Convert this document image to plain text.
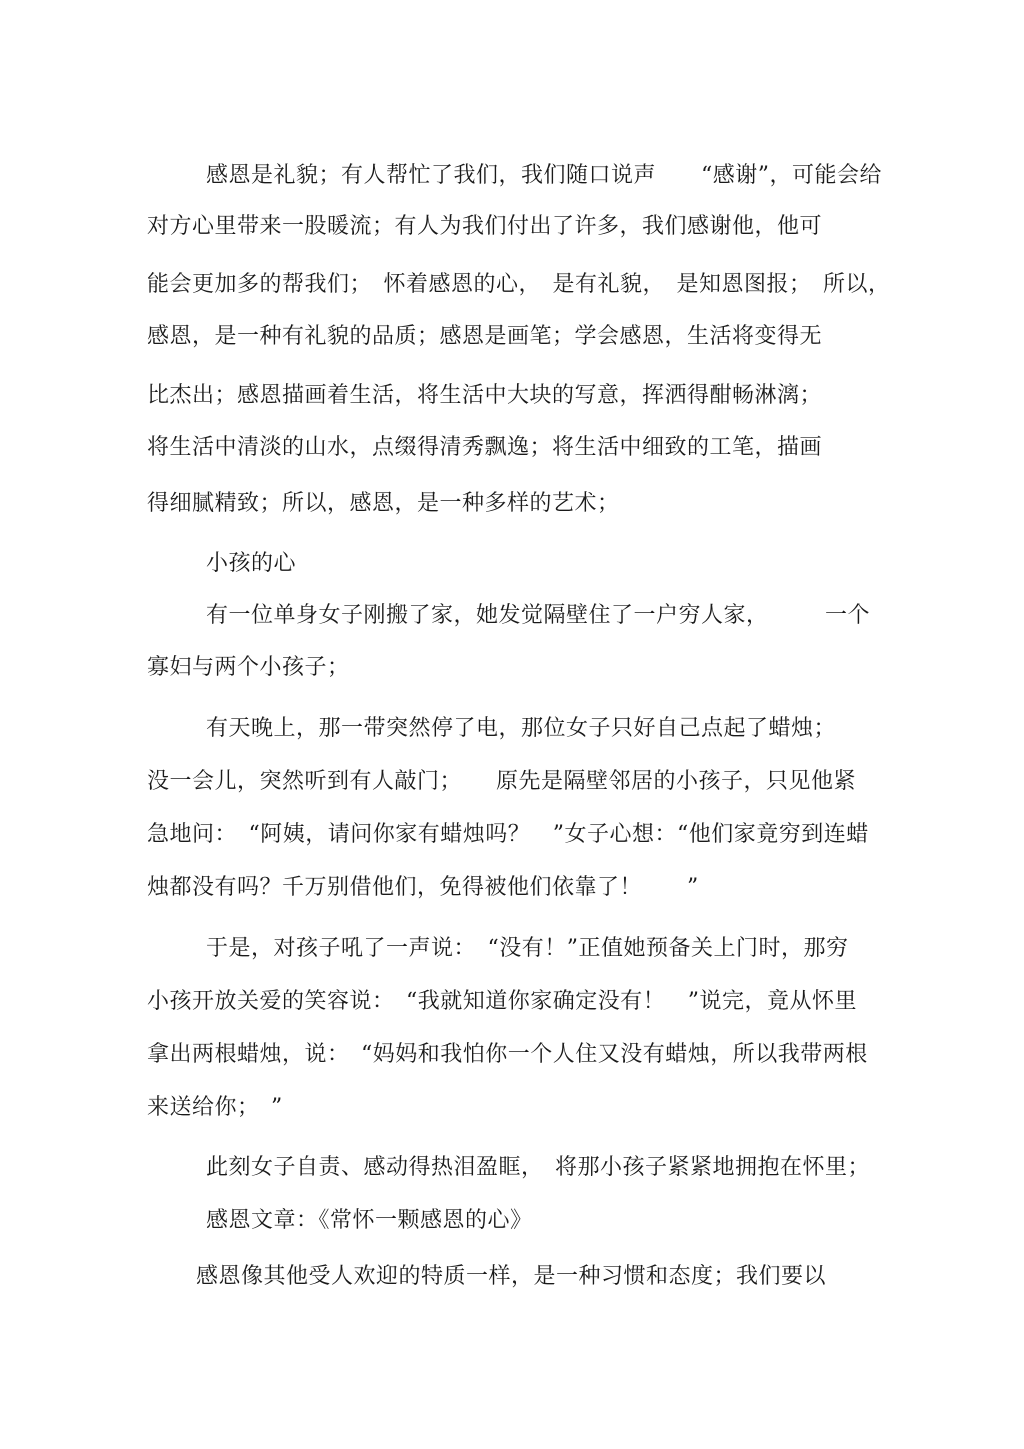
感恩是礼貌；有人帮忙了我们，我们随口说声　　“感谢”，可能会给
对方心里带来一股暖流；有人为我们付出了许多，我们感谢他，他可
能会更加多的帮我们；　怀着感恩的心，　是有礼貌，　是知恩图报；　所以，
感恩，是一种有礼貌的品质；感恩是画笔；学会感恩，生活将变得无
比杰出；感恩描画着生活，将生活中大块的写意，挥洒得酣畅淋漓；
将生活中清淡的山水，点缀得清秀飘逸；将生活中细致的工笔，描画
得细腻精致；所以，感恩，是一种多样的艺术；
小孩的心
有一位单身女子刚搬了家，她发觉隔壁住了一户穷人家，　　　一个
寡妇与两个小孩子；
有天晚上，那一带突然停了电，那位女子只好自己点起了蜡烛；
没一会儿，突然听到有人敲门；　　原先是隔壁邻居的小孩子，只见他紧
急地问：　“阿姨，请问你家有蜡烛吗？　”女子心想：“他们家竟穷到连蜡
烛都没有吗？千万别借他们，免得被他们依靠了！　　”
于是，对孩子吼了一声说：　“没有！”正值她预备关上门时，那穷
小孩开放关爱的笑容说：　“我就知道你家确定没有！　”说完，竟从怀里
拿出两根蜡烛，说：　“妈妈和我怕你一个人住又没有蜡烛，所以我带两根
来送给你；　”
此刻女子自责、感动得热泪盈眶，　将那小孩子紧紧地拥抱在怀里；
感恩文章：《常怀一颗感恩的心》
感恩像其他受人欢迎的特质一样，是一种习惯和态度；我们要以
